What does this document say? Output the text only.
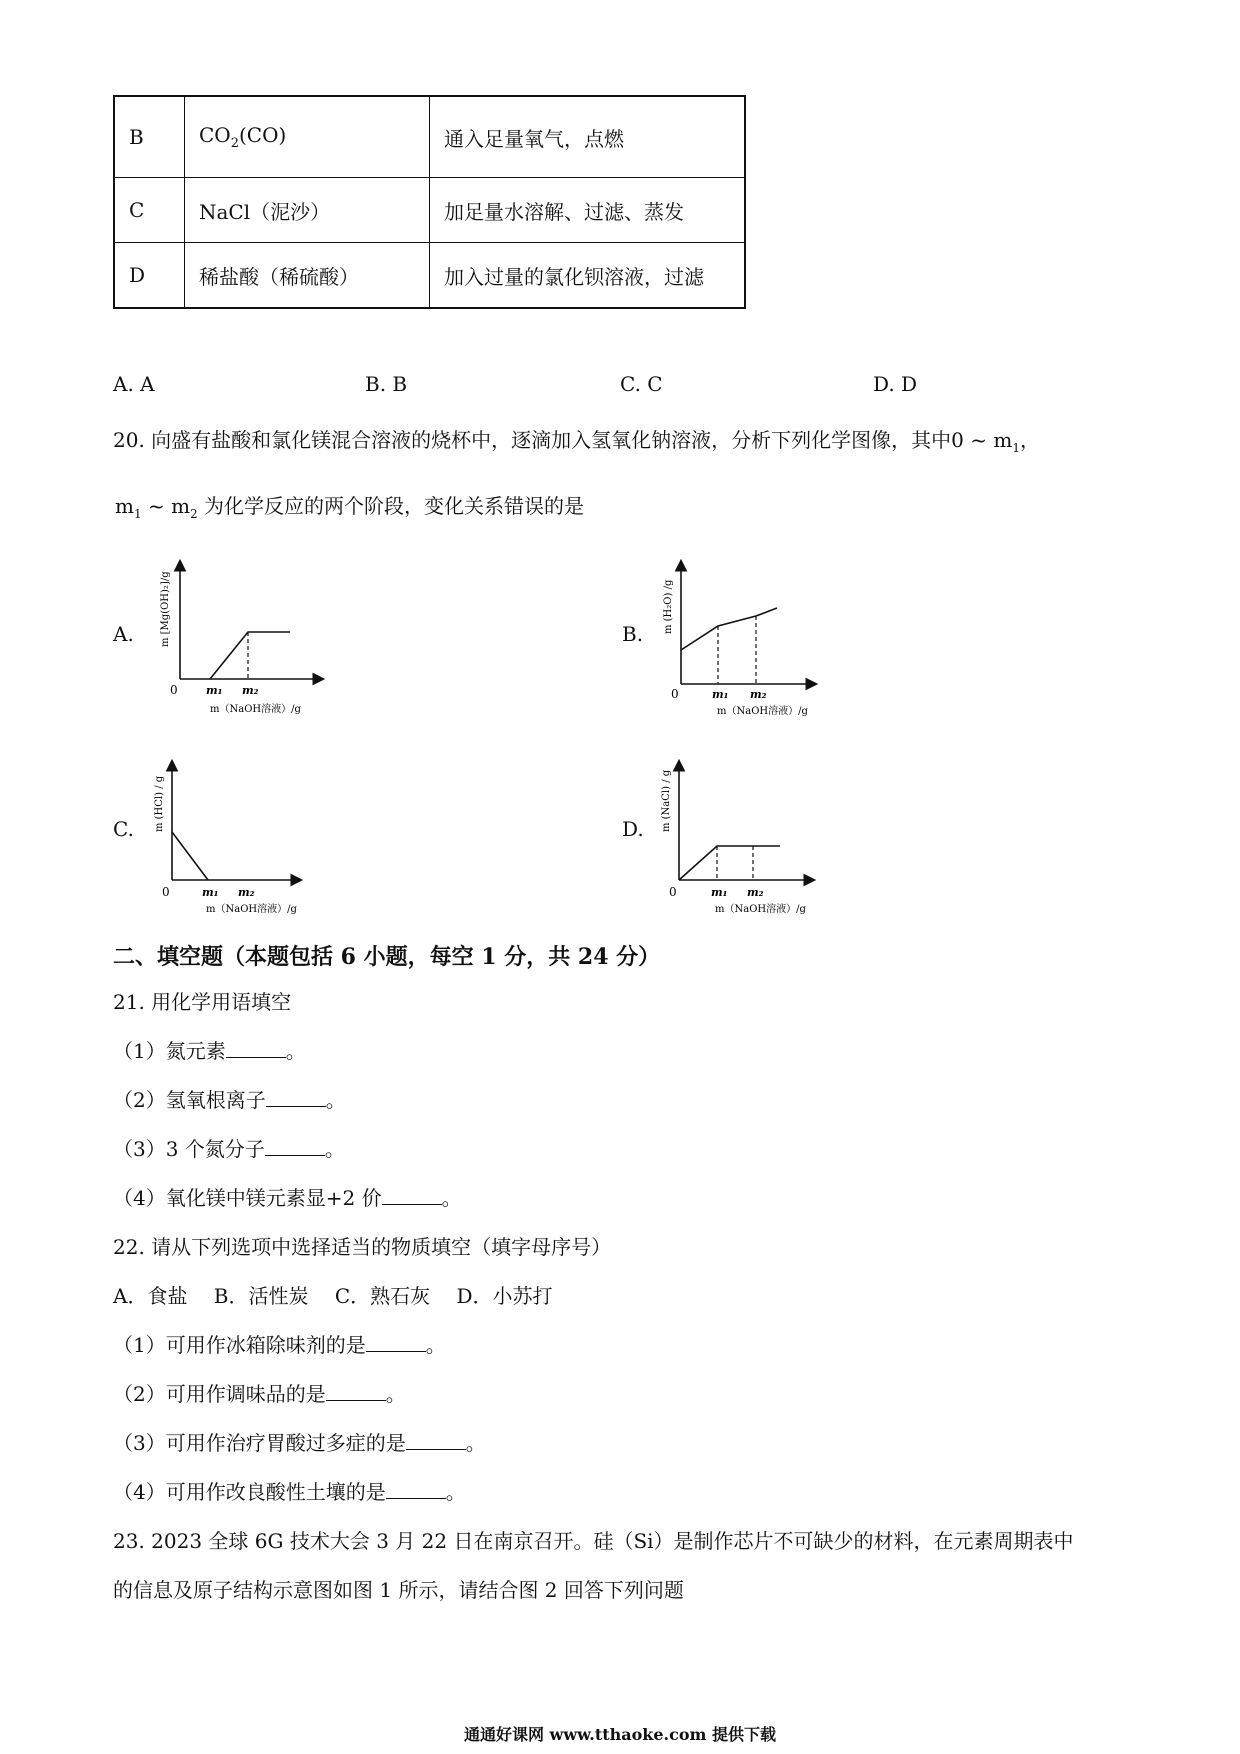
B	$CO_2(CO)$	通入足量氧气，点燃
C	NaCl（泥沙）	加足量水溶解、过滤、蒸发
D	稀盐酸（稀硫酸）	加入过量的氯化钡溶液，过滤
A. A	B. B	C. C	D. D
20. 向盛有盐酸和氯化镁混合溶液的烧杯中，逐滴加入氢氧化钠溶液，分析下列化学图像，其中0 ~ $m_1$，
$m_1$ ~ $m_2$ 为化学反应的两个阶段，变化关系错误的是
A.
0	m₁ m₂
m（NaOH溶液）/g
m [Mg(OH)₂]/g	B.
0	m₁ m₂
m（NaOH溶液）/g
m (H₂O) /g
C.
0	m₁ m₂
m（NaOH溶液）/g
m (HCl) / g	D.
0	m₁ m₂
m（NaOH溶液）/g
m (NaCl) / g
二、填空题（本题包括 6 小题，每空 1 分，共 24 分）
21. 用化学用语填空
（1）氮元素	。
（2）氢氧根离子	。
（3）3 个氮分子	。
（4）氧化镁中镁元素显+2 价	。
22. 请从下列选项中选择适当的物质填空（填字母序号）
A．食盐　 B．活性炭　 C．熟石灰　 D．小苏打
（1）可用作冰箱除味剂的是	。
（2）可用作调味品的是	。
（3）可用作治疗胃酸过多症的是	。
（4）可用作改良酸性土壤的是	。
23. 2023 全球 6G 技术大会 3 月 22 日在南京召开。硅（Si）是制作芯片不可缺少的材料，在元素周期表中
的信息及原子结构示意图如图 1 所示，请结合图 2 回答下列问题
通通好课网 www.tthaoke.com 提供下载
